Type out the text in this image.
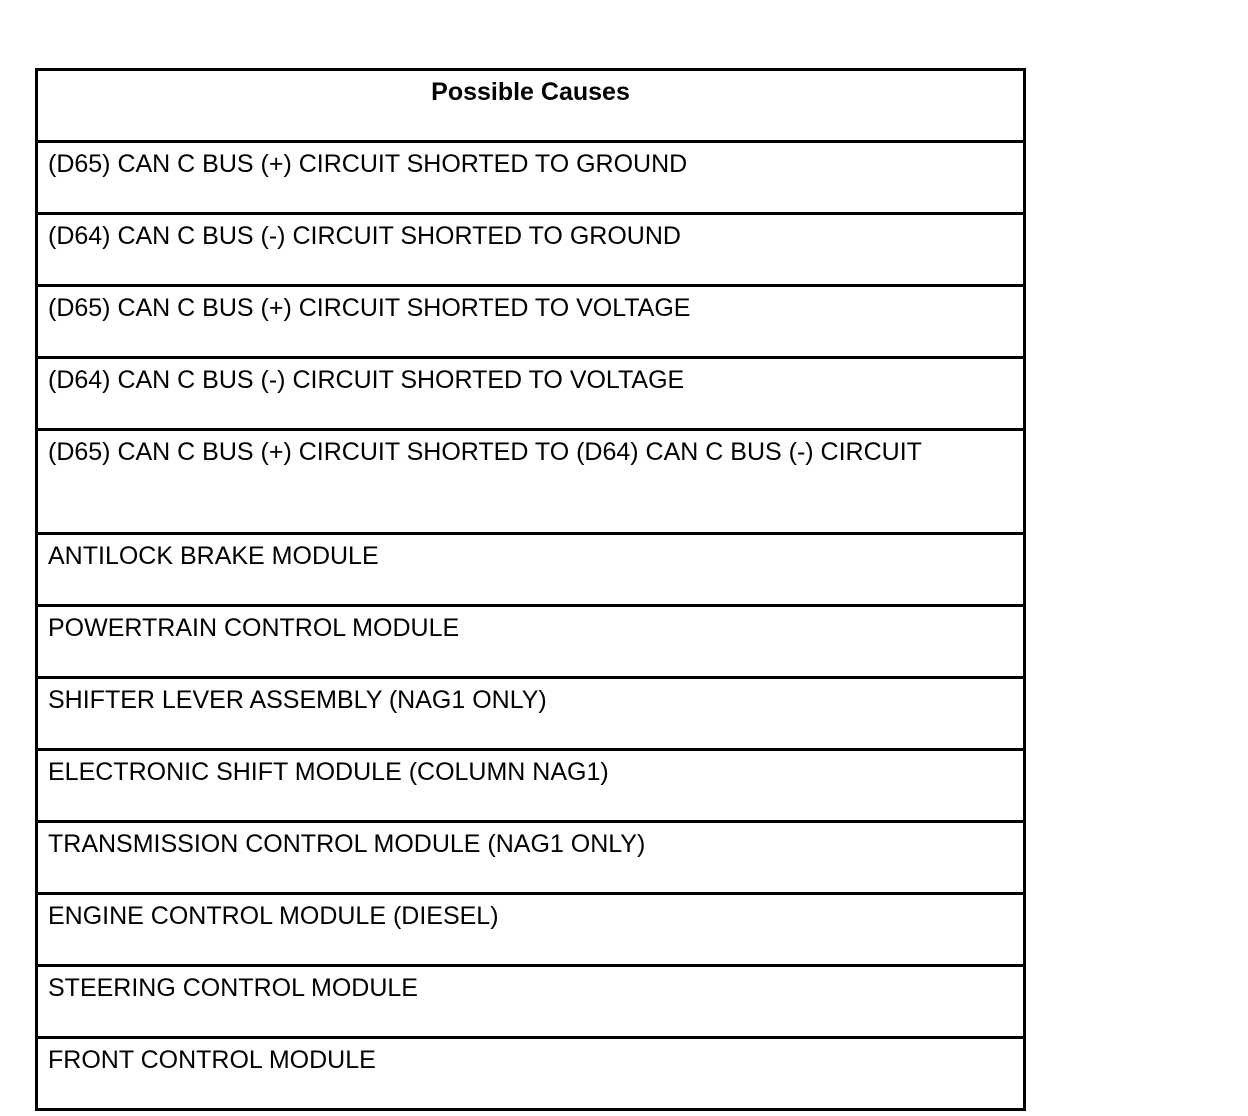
Possible Causes

(D65) CAN C BUS (+) CIRCUIT SHORTED TO GROUND

(D64) CAN C BUS (-) CIRCUIT SHORTED TO GROUND

(D65) CAN C BUS (+) CIRCUIT SHORTED TO VOLTAGE

(D64) CAN C BUS (-) CIRCUIT SHORTED TO VOLTAGE

(D65) CAN C BUS (+) CIRCUIT SHORTED TO (D64) CAN C BUS (-) CIRCUIT

ANTILOCK BRAKE MODULE

POWERTRAIN CONTROL MODULE

SHIFTER LEVER ASSEMBLY (NAG1 ONLY)

ELECTRONIC SHIFT MODULE (COLUMN NAG1)

TRANSMISSION CONTROL MODULE (NAG1 ONLY)

ENGINE CONTROL MODULE (DIESEL)

STEERING CONTROL MODULE

FRONT CONTROL MODULE
